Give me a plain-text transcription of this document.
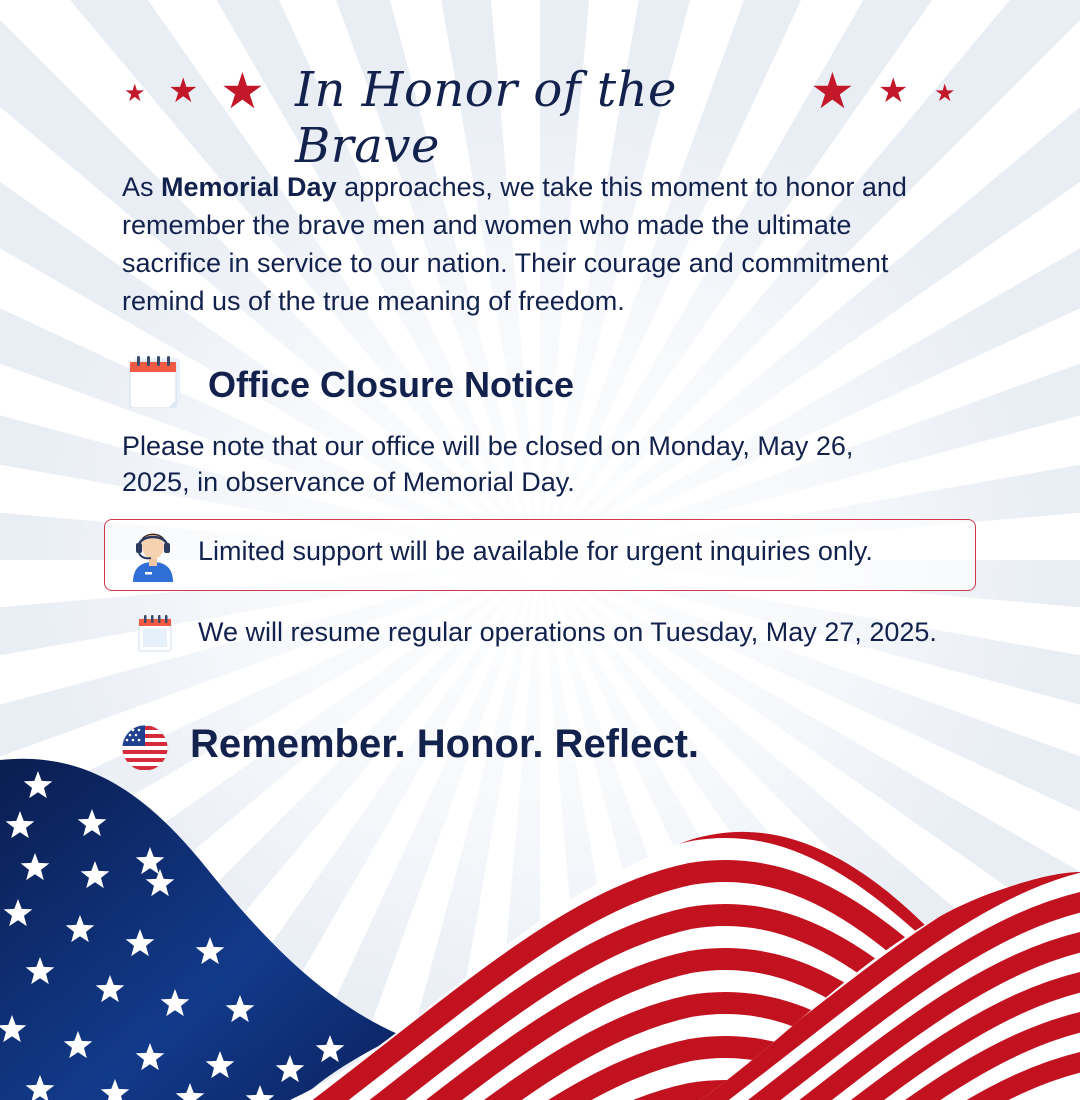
★ ★ ★ In Honor of the Brave
★ ★ ★

As Memorial Day approaches, we take this moment to honor and remember the brave men and women who made the ultimate sacrifice in service to our nation. Their courage and commitment remind us of the true meaning of freedom.

Office Closure Notice

Please note that our office will be closed on Monday, May 26, 2025, in observance of Memorial Day.

Limited support will be available for urgent inquiries only.

We will resume regular operations on Tuesday, May 27, 2025.

Remember. Honor. Reflect.
